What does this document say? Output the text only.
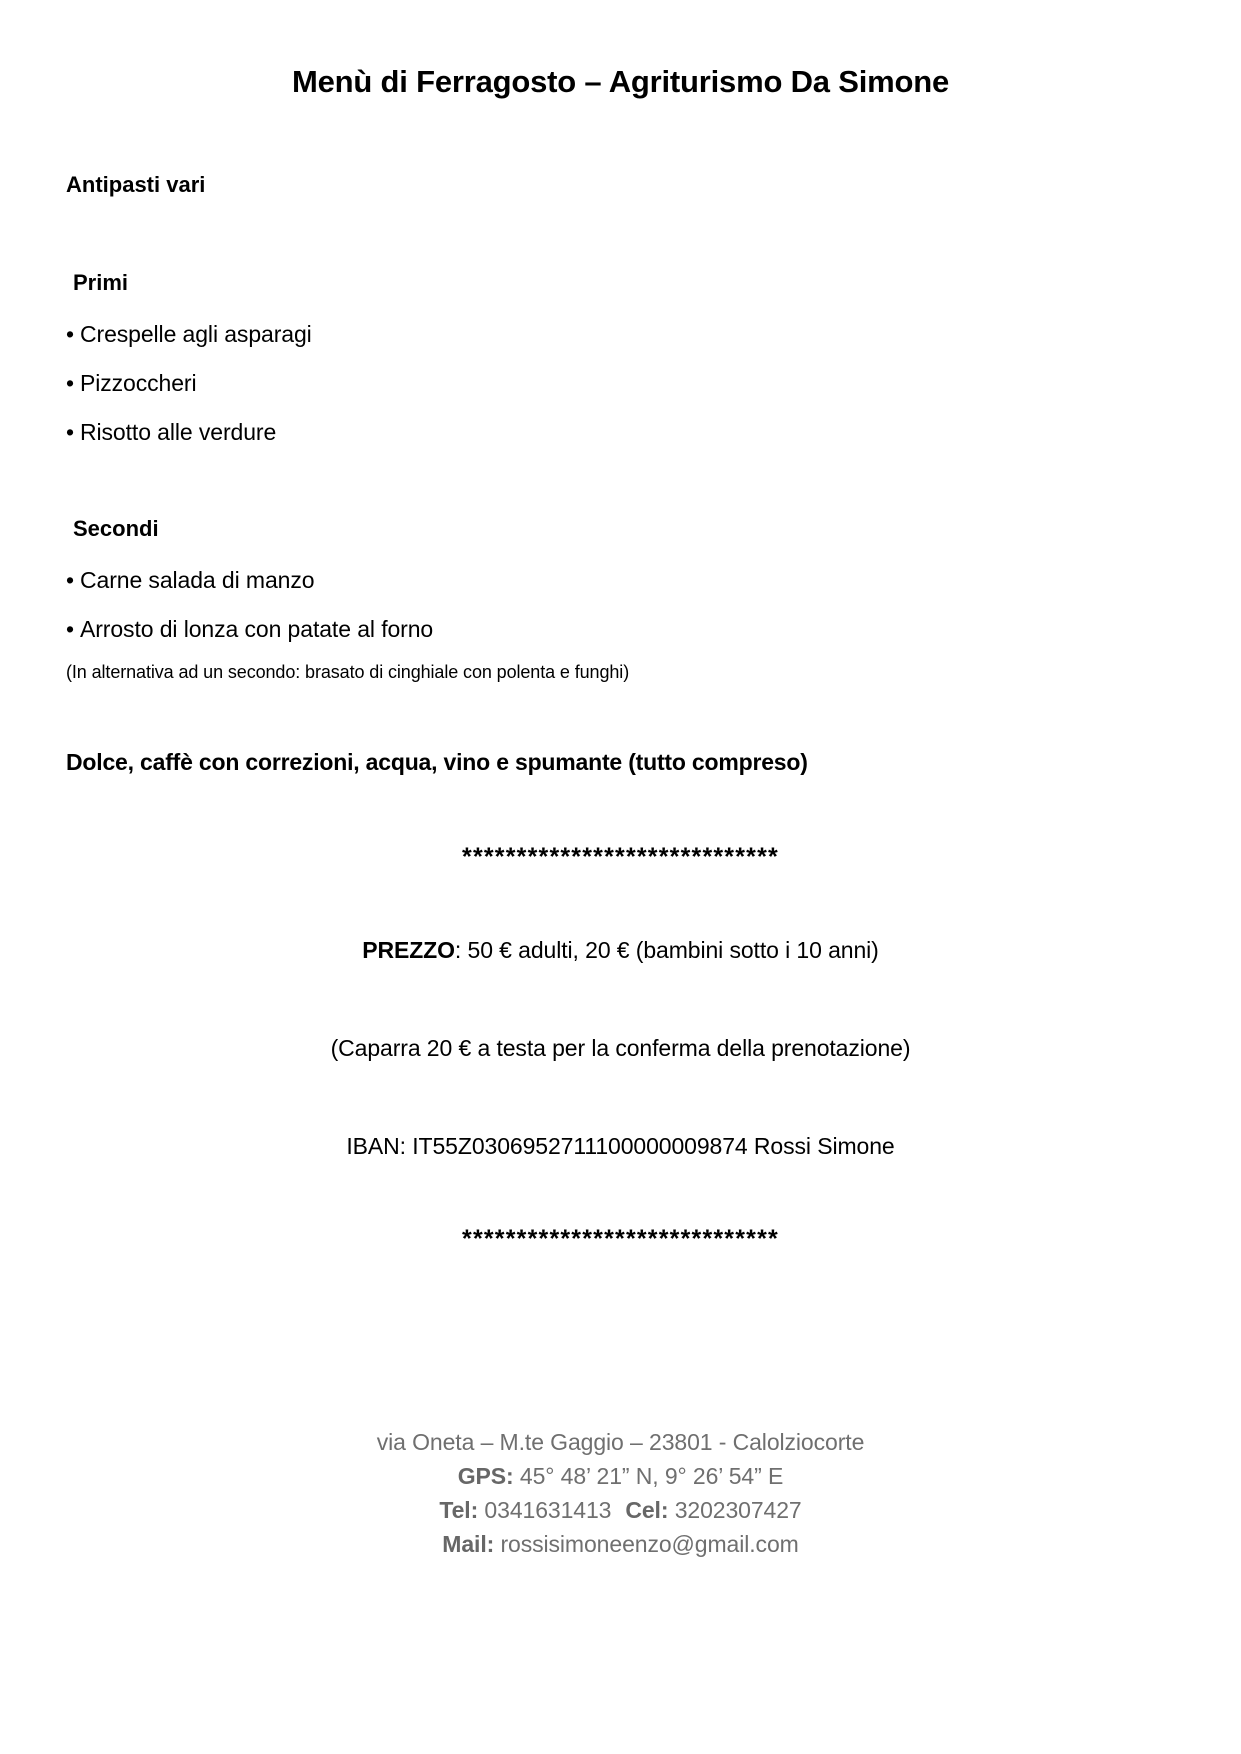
Menù di Ferragosto – Agriturismo Da Simone
Antipasti vari
Primi
• Crespelle agli asparagi
• Pizzoccheri
• Risotto alle verdure
Secondi
• Carne salada di manzo
• Arrosto di lonza con patate al forno
(In alternativa ad un secondo: brasato di cinghiale con polenta e funghi)
Dolce, caffè con correzioni, acqua, vino e spumante (tutto compreso)
*****************************
PREZZO: 50 € adulti, 20 € (bambini sotto i 10 anni)
(Caparra 20 € a testa per la conferma della prenotazione)
IBAN: IT55Z0306952711100000009874 Rossi Simone
*****************************
via Oneta – M.te Gaggio – 23801 - Calolziocorte
GPS: 45° 48’ 21” N, 9° 26’ 54” E
Tel: 0341631413 Cel: 3202307427
Mail: rossisimoneenzo@gmail.com
